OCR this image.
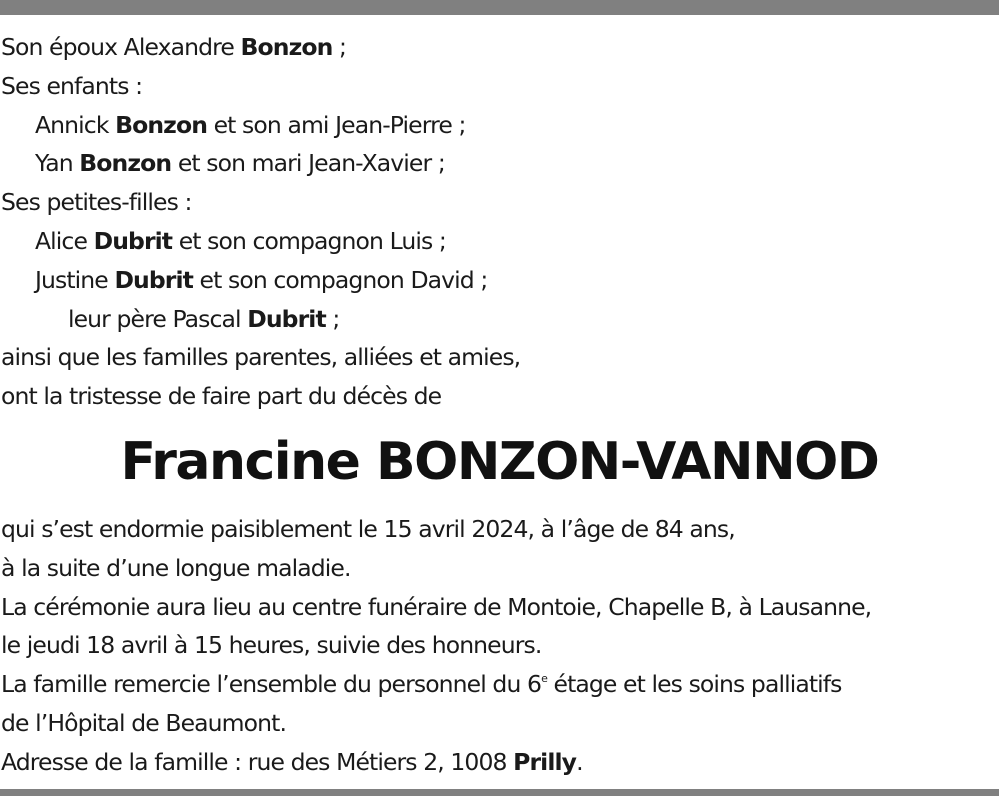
Son époux Alexandre Bonzon ;
Ses enfants :
Annick Bonzon et son ami Jean-Pierre ;
Yan Bonzon et son mari Jean-Xavier ;
Ses petites-filles :
Alice Dubrit et son compagnon Luis ;
Justine Dubrit et son compagnon David ;
leur père Pascal Dubrit ;
ainsi que les familles parentes, alliées et amies,
ont la tristesse de faire part du décès de
Francine BONZON-VANNOD
qui s’est endormie paisiblement le 15 avril 2024, à l’âge de 84 ans,
à la suite d’une longue maladie.
La cérémonie aura lieu au centre funéraire de Montoie, Chapelle B, à Lausanne,
le jeudi 18 avril à 15 heures, suivie des honneurs.
La famille remercie l’ensemble du personnel du 6e étage et les soins palliatifs
de l’Hôpital de Beaumont.
Adresse de la famille : rue des Métiers 2, 1008 Prilly.
